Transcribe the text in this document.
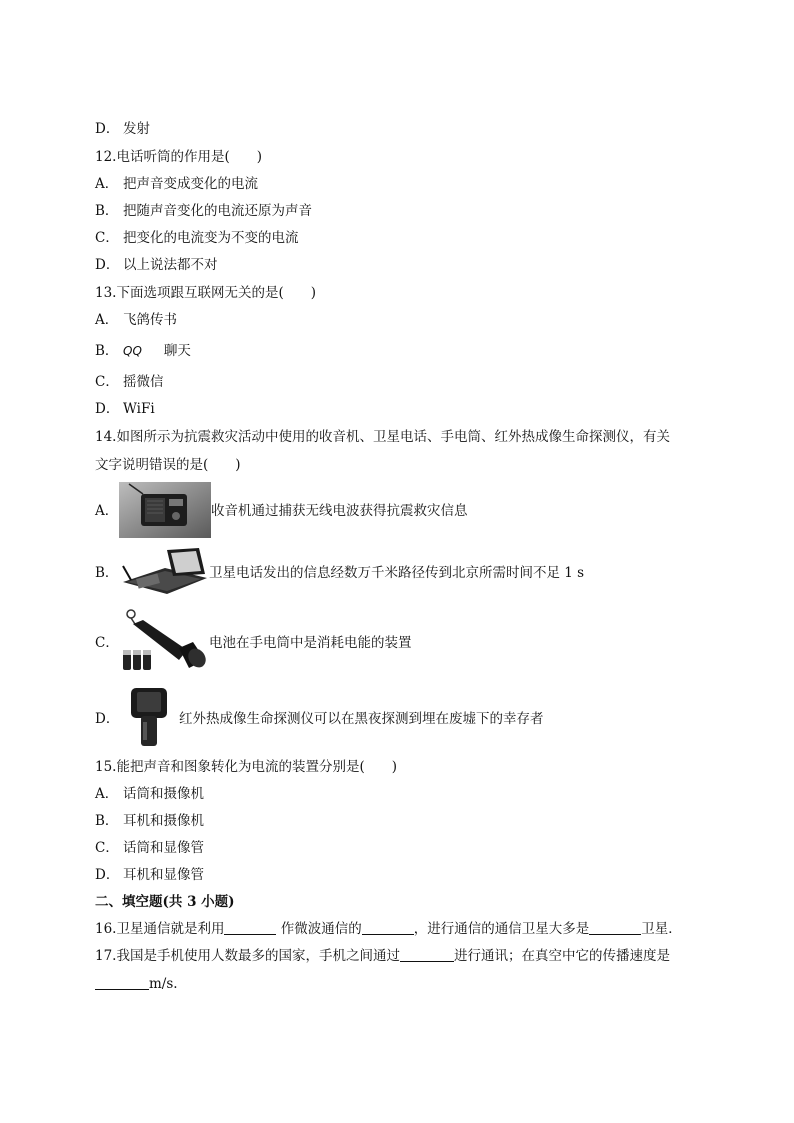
D． 发射
12.电话听筒的作用是(　　)
A． 把声音变成变化的电流
B． 把随声音变化的电流还原为声音
C． 把变化的电流变为不变的电流
D． 以上说法都不对
13.下面选项跟互联网无关的是(　　)
A． 飞鸽传书
B． QQ 聊天
C． 摇微信
D． WiFi
14.如图所示为抗震救灾活动中使用的收音机、卫星电话、手电筒、红外热成像生命探测仪，有关
文字说明错误的是(　　)
A．	收音机通过捕获无线电波获得抗震救灾信息
B．	卫星电话发出的信息经数万千米路径传到北京所需时间不足 1 s
C．	电池在手电筒中是消耗电能的装置
D．	红外热成像生命探测仪可以在黑夜探测到埋在废墟下的幸存者
15.能把声音和图象转化为电流的装置分别是(　　)
A． 话筒和摄像机
B． 耳机和摄像机
C． 话筒和显像管
D． 耳机和显像管
二、填空题(共 3 小题)
16.卫星通信就是利用	作微波通信的	，进行通信的通信卫星大多是	卫星．
17.我国是手机使用人数最多的国家，手机之间通过	进行通讯；在真空中它的传播速度是
m/s.
